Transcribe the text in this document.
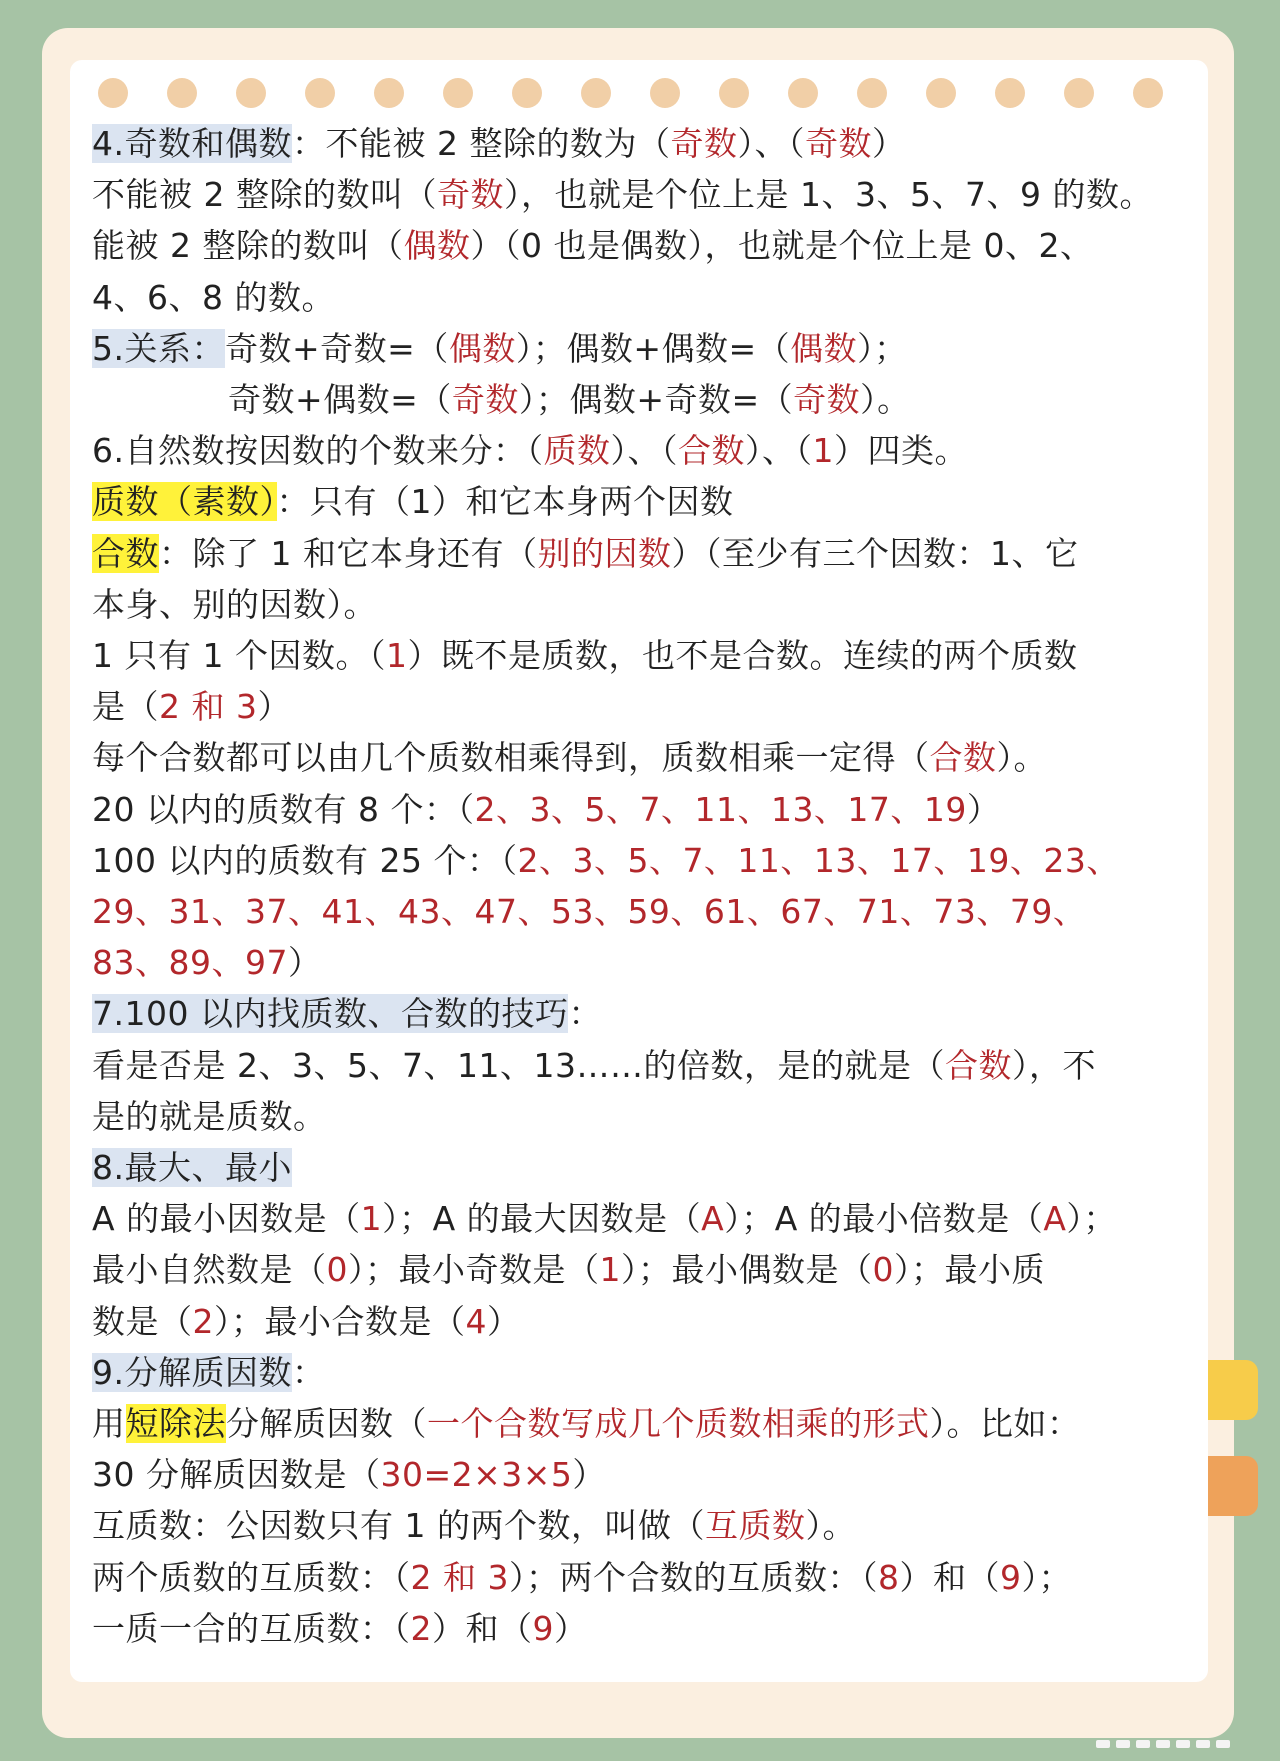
4.奇数和偶数：不能被 2 整除的数为（奇数）、（奇数）
不能被 2 整除的数叫（奇数），也就是个位上是 1、3、5、7、9 的数。
能被 2 整除的数叫（偶数）（0 也是偶数），也就是个位上是 0、2、
4、6、8 的数。
5.关系：奇数+奇数=（偶数）；偶数+偶数=（偶数）；
奇数+偶数=（奇数）；偶数+奇数=（奇数）。
6.自然数按因数的个数来分：（质数）、（合数）、（1）四类。
质数（素数）：只有（1）和它本身两个因数
合数：除了 1 和它本身还有（别的因数）（至少有三个因数：1、它
本身、别的因数）。
1 只有 1 个因数。（1）既不是质数，也不是合数。连续的两个质数
是（2 和 3）
每个合数都可以由几个质数相乘得到，质数相乘一定得（合数）。
20 以内的质数有 8 个：（2、3、5、7、11、13、17、19）
100 以内的质数有 25 个：（2、3、5、7、11、13、17、19、23、
29、31、37、41、43、47、53、59、61、67、71、73、79、
83、89、97）
7.100 以内找质数、合数的技巧：
看是否是 2、3、5、7、11、13……的倍数，是的就是（合数），不
是的就是质数。
8.最大、最小
A 的最小因数是（1）；A 的最大因数是（A）；A 的最小倍数是（A）；
最小自然数是（0）；最小奇数是（1）；最小偶数是（0）；最小质
数是（2）；最小合数是（4）
9.分解质因数：
用短除法分解质因数（一个合数写成几个质数相乘的形式）。比如：
30 分解质因数是（30=2×3×5）
互质数：公因数只有 1 的两个数，叫做（互质数）。
两个质数的互质数：（2 和 3）；两个合数的互质数：（8）和（9）；
一质一合的互质数：（2）和（9）
